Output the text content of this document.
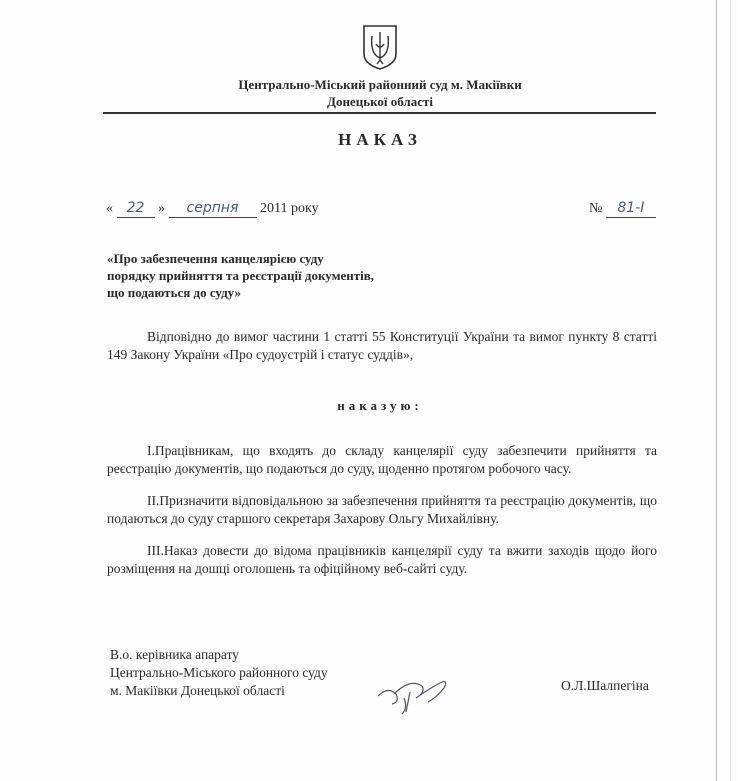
Центрально-Міський районний суд м. Макіївки
Донецької області
НАКАЗ
« 22 » серпня 2011 року	№ 81-I
«Про забезпечення канцелярією суду
порядку прийняття та реєстрації документів,
що подаються до суду»
Відповідно до вимог частини 1 статті 55 Конституції України та вимог пункту 8 статті 149 Закону України «Про судоустрій і статус суддів»,
наказую:
I.Працівникам, що входять до складу канцелярії суду забезпечити прийняття та реєстрацію документів, що подаються до суду, щоденно протягом робочого часу.
II.Призначити відповідальною за забезпечення прийняття та реєстрацію документів, що подаються до суду старшого секретаря Захарову Ольгу Михайлівну.
III.Наказ довести до відома працівників канцелярії суду та вжити заходів щодо його розміщення на дошці оголошень та офіційному веб-сайті суду.
В.о. керівника апарату
Центрально-Міського районного суду
м. Макіївки Донецької області	О.Л.Шалпегіна
